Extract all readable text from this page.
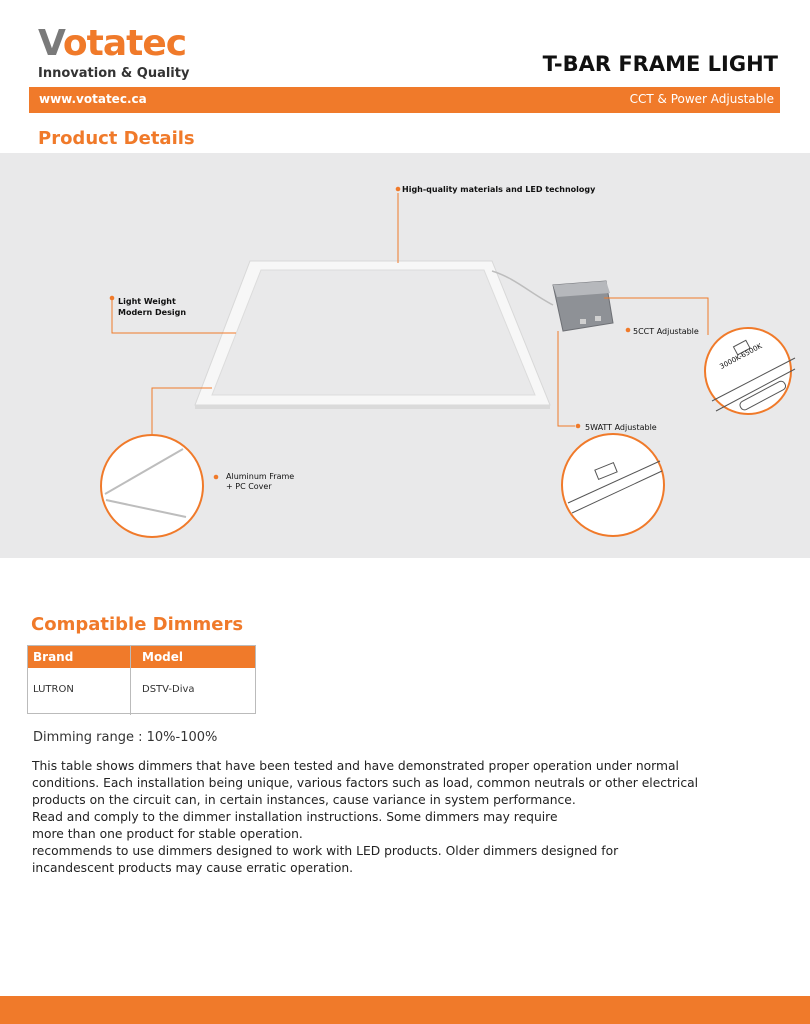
Votatec
Innovation & Quality	T-BAR FRAME LIGHT
www.votatec.ca	CCT & Power Adjustable
Product Details
High-quality materials and LED technology
Light Weight
Modern Design
5CCT Adjustable
5WATT Adjustable
Aluminum Frame
+ PC Cover
3000K-6500K
Compatible Dimmers
Brand	Model
LUTRON	DSTV-Diva
Dimming range : 10%-100%
This table shows dimmers that have been tested and have demonstrated proper operation under normal
conditions. Each installation being unique, various factors such as load, common neutrals or other electrical
products on the circuit can, in certain instances, cause variance in system performance.
Read and comply to the dimmer installation instructions. Some dimmers may require
more than one product for stable operation.
recommends to use dimmers designed to work with LED products. Older dimmers designed for
incandescent products may cause erratic operation.
